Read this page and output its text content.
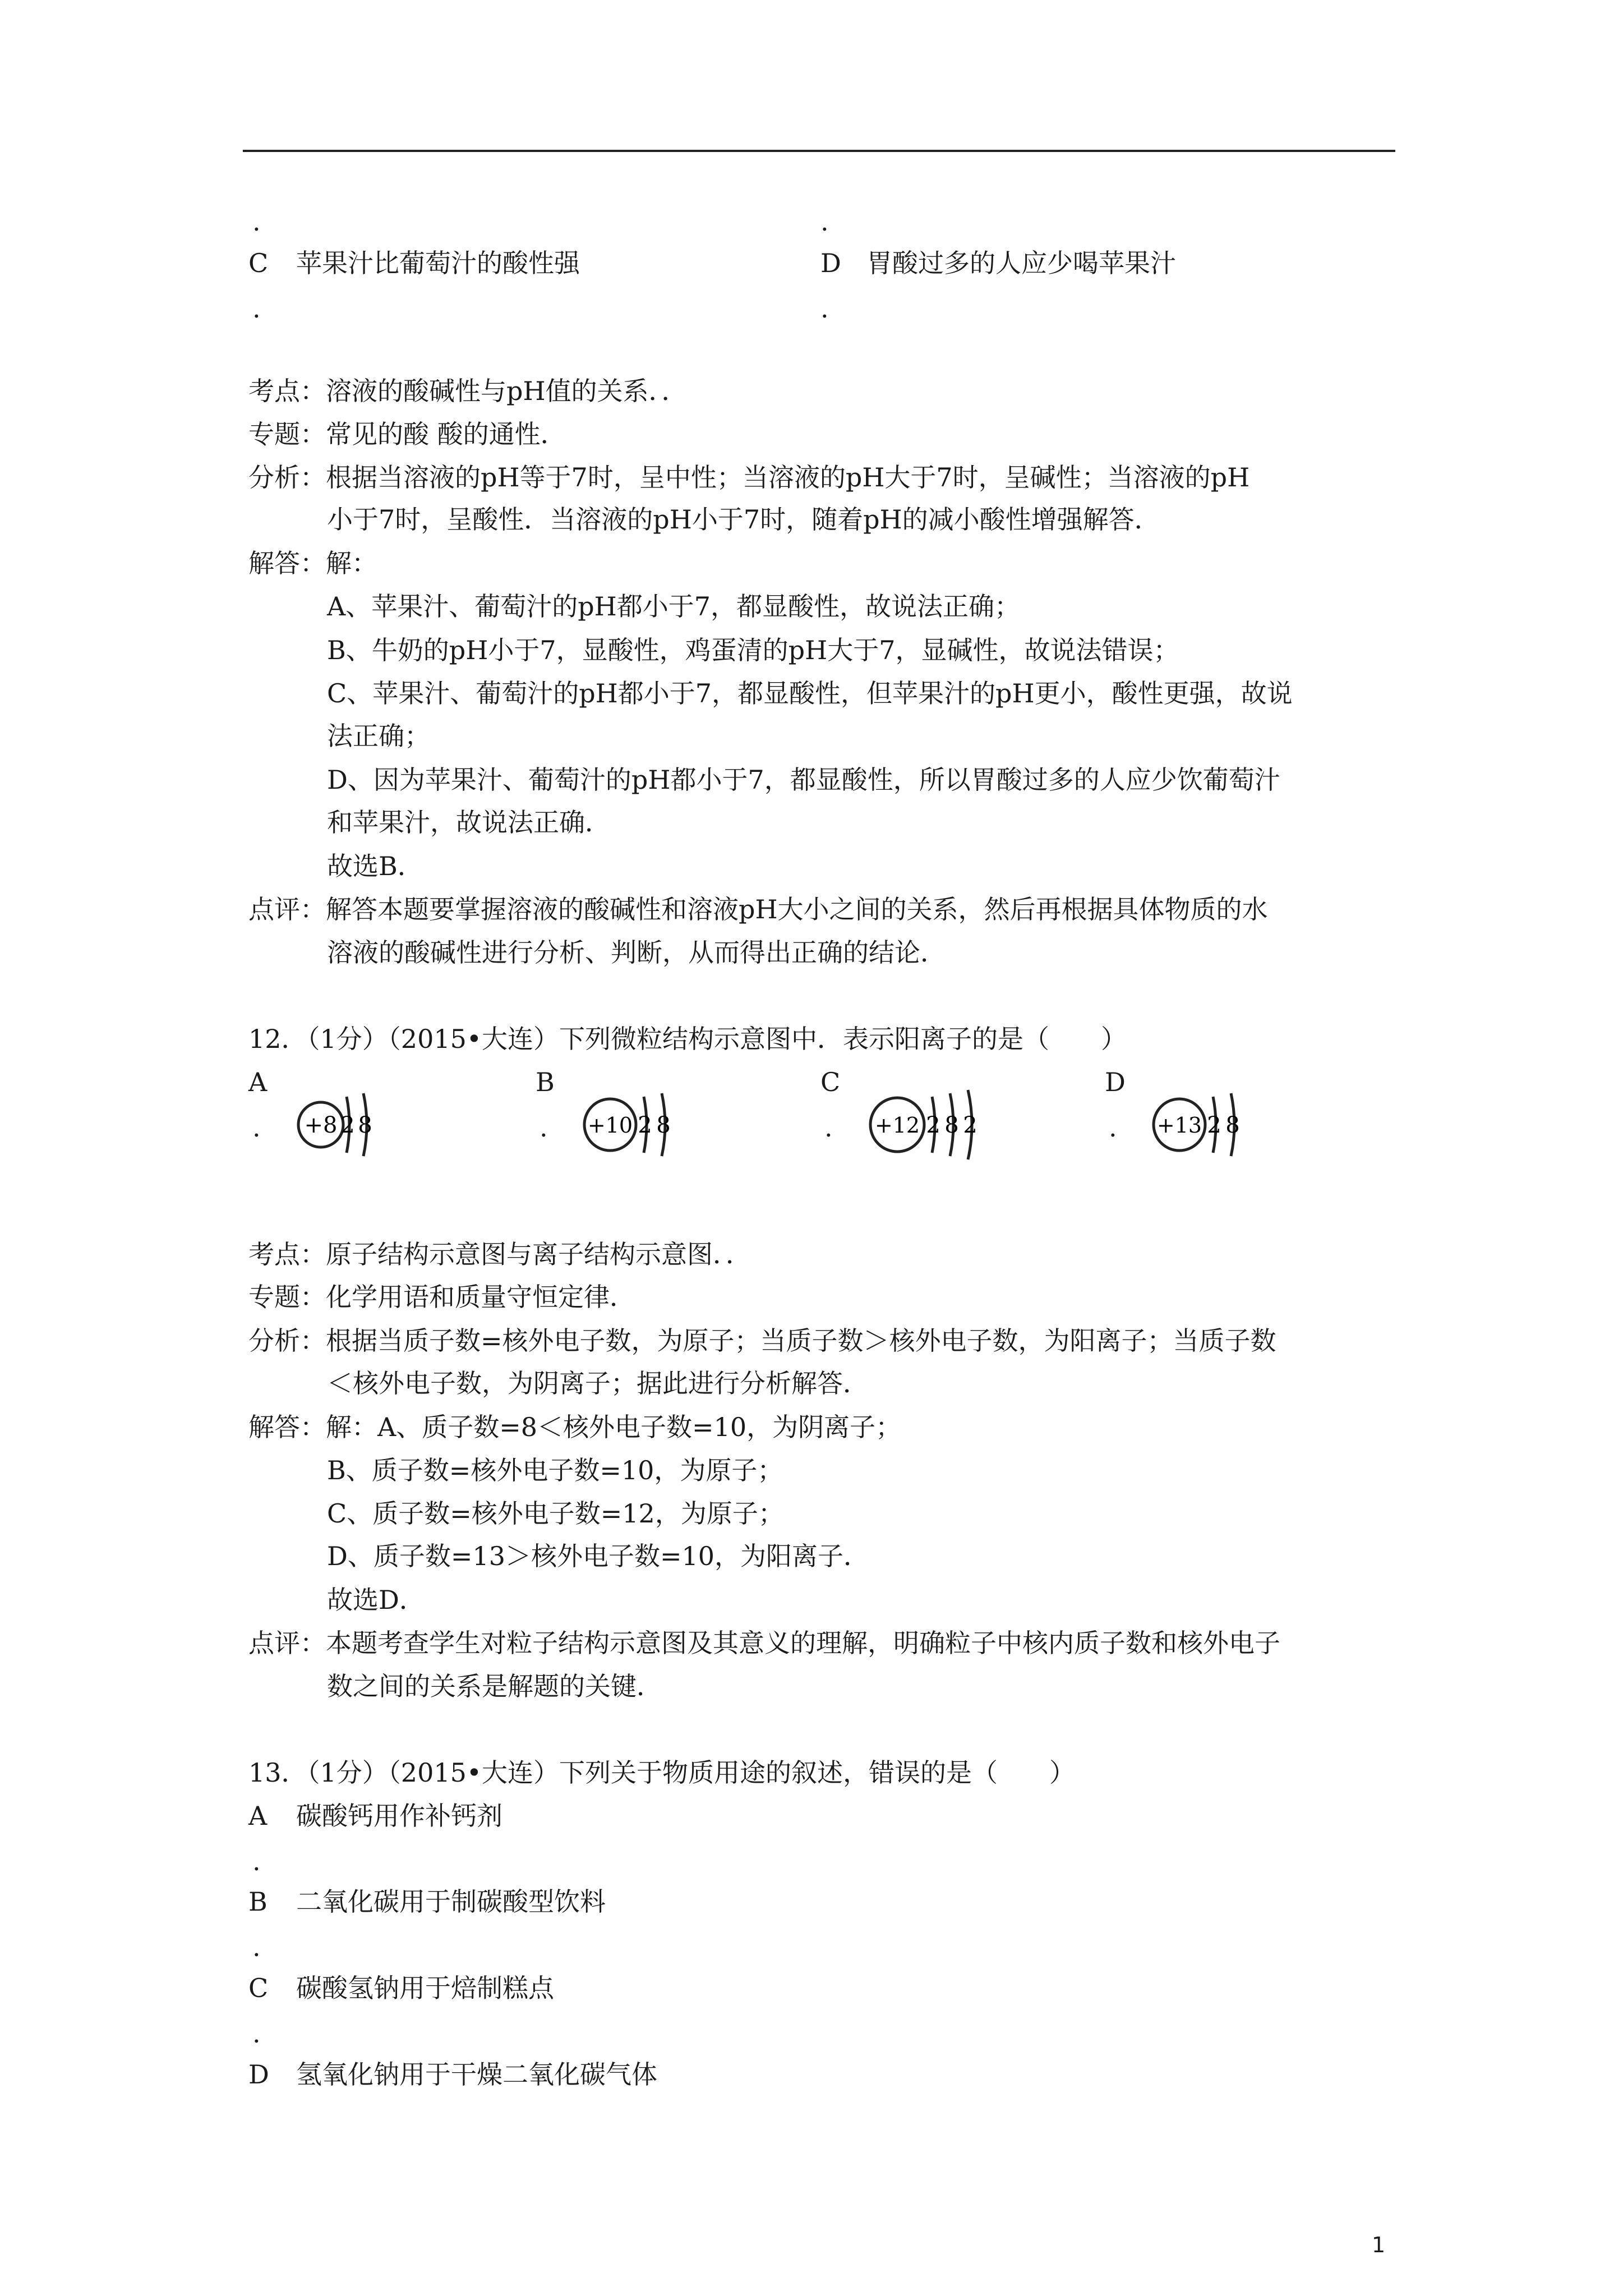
.	.
C 苹果汁比葡萄汁的酸性强	D 胃酸过多的人应少喝苹果汁
.	.
考点：溶液的酸碱性与pH值的关系．．
专题：常见的酸 酸的通性．
分析：根据当溶液的pH等于7时，呈中性；当溶液的pH大于7时，呈碱性；当溶液的pH
小于7时，呈酸性．当溶液的pH小于7时，随着pH的减小酸性增强解答．
解答：解：
A、苹果汁、葡萄汁的pH都小于7，都显酸性，故说法正确；
B、牛奶的pH小于7，显酸性，鸡蛋清的pH大于7，显碱性，故说法错误；
C、苹果汁、葡萄汁的pH都小于7，都显酸性，但苹果汁的pH更小，酸性更强，故说
法正确；
D、因为苹果汁、葡萄汁的pH都小于7，都显酸性，所以胃酸过多的人应少饮葡萄汁
和苹果汁，故说法正确．
故选B．
点评：解答本题要掌握溶液的酸碱性和溶液pH大小之间的关系，然后再根据具体物质的水
溶液的酸碱性进行分析、判断，从而得出正确的结论．
12．（1分）（2015•大连）下列微粒结构示意图中．表示阳离子的是（　　）
A	B	C	D
.	.	.	.
+8 2 8	+10 2 8	+12 2 8 2	+13 2 8
考点：原子结构示意图与离子结构示意图．．
专题：化学用语和质量守恒定律．
分析：根据当质子数=核外电子数，为原子；当质子数＞核外电子数，为阳离子；当质子数
＜核外电子数，为阴离子；据此进行分析解答．
解答：解：A、质子数=8＜核外电子数=10，为阴离子；
B、质子数=核外电子数=10，为原子；
C、质子数=核外电子数=12，为原子；
D、质子数=13＞核外电子数=10，为阳离子．
故选D．
点评：本题考查学生对粒子结构示意图及其意义的理解，明确粒子中核内质子数和核外电子
数之间的关系是解题的关键．
13．（1分）（2015•大连）下列关于物质用途的叙述，错误的是（　　）
A 碳酸钙用作补钙剂
.
B 二氧化碳用于制碳酸型饮料
.
C 碳酸氢钠用于焙制糕点
.
D 氢氧化钠用于干燥二氧化碳气体
1
